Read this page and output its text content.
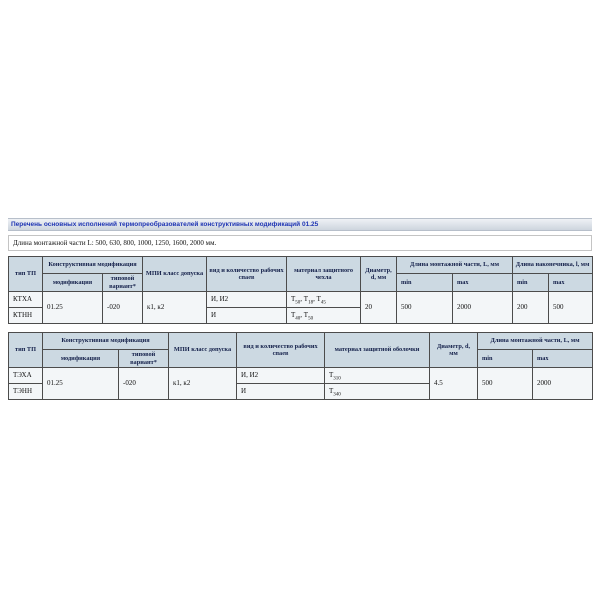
Перечень основных исполнений термопреобразователей конструктивных модификаций 01.25
Длина монтажной части L: 500, 630, 800, 1000, 1250, 1600, 2000 мм.
тип ТП	Конструктивная модификация		МПИ класс допуска	вид и количество рабочих спаев	материал защитного чехла	Диаметр, d, мм	Длина монтажной части, L, мм		Длина наконечника, l, мм	
	модификация	типовой вариант*					min	max	min	max
КТХА	01.25	-020	к1, к2	И, И2	$Т_{50}$, $Т_{18}$, $Т_{45}$	20	500	2000	200	500
КТНН				И	$Т_{40}$, $Т_{50}$
тип ТП	Конструктивная модификация		МПИ класс допуска	вид и количество рабочих спаев	материал защитной оболочки	Диаметр, d, мм	Длина монтажной части, L, мм	
	модификация	типовой вариант*					min	max
ТЭХА	01.25	-020	к1, к2	И, И2	$Т_{310}$	4.5	500	2000
ТЭНН				И	$Т_{340}$
